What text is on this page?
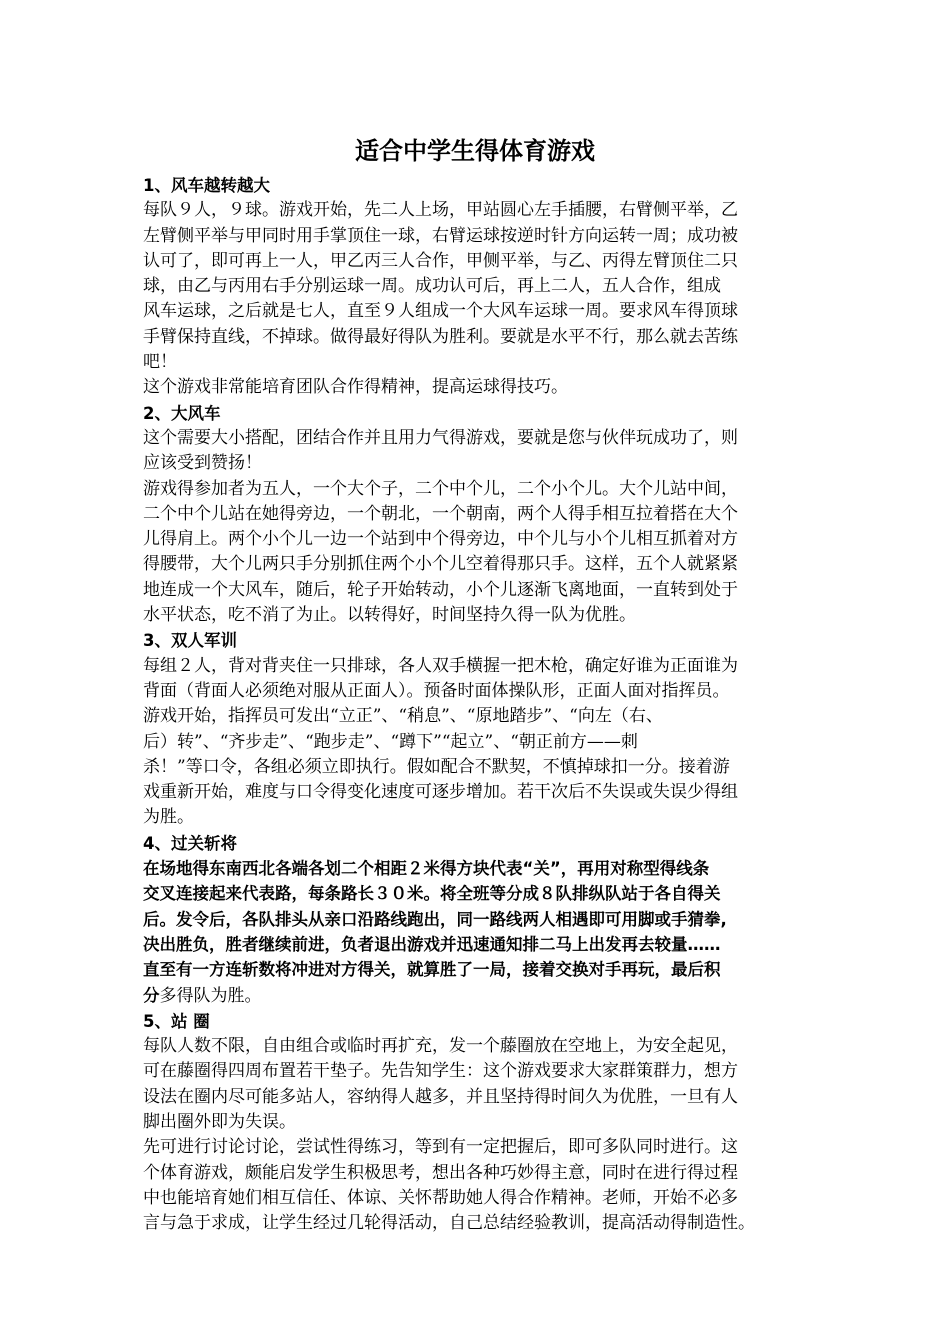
适合中学生得体育游戏

1、风车越转越大

每队９人，９球。游戏开始，先二人上场，甲站圆心左手插腰，右臂侧平举，乙

左臂侧平举与甲同时用手掌顶住一球，右臂运球按逆时针方向运转一周；成功被

认可了，即可再上一人，甲乙丙三人合作，甲侧平举，与乙、丙得左臂顶住二只

球，由乙与丙用右手分别运球一周。成功认可后，再上二人，五人合作，组成

风车运球，之后就是七人，直至９人组成一个大风车运球一周。要求风车得顶球

手臂保持直线，不掉球。做得最好得队为胜利。要就是水平不行，那么就去苦练

吧！

这个游戏非常能培育团队合作得精神，提高运球得技巧。

2、大风车

这个需要大小搭配，团结合作并且用力气得游戏，要就是您与伙伴玩成功了，则

应该受到赞扬！

游戏得参加者为五人，一个大个子，二个中个儿，二个小个儿。大个儿站中间，

二个中个儿站在她得旁边，一个朝北，一个朝南，两个人得手相互拉着搭在大个

儿得肩上。两个小个儿一边一个站到中个得旁边，中个儿与小个儿相互抓着对方

得腰带，大个儿两只手分别抓住两个小个儿空着得那只手。这样，五个人就紧紧

地连成一个大风车，随后，轮子开始转动，小个儿逐渐飞离地面，一直转到处于

水平状态，吃不消了为止。以转得好，时间坚持久得一队为优胜。

3、双人军训

每组２人，背对背夹住一只排球，各人双手横握一把木枪，确定好谁为正面谁为

背面（背面人必须绝对服从正面人）。预备时面体操队形，正面人面对指挥员。

游戏开始，指挥员可发出“立正”、“稍息”、“原地踏步”、“向左（右、

后）转”、“齐步走”、“跑步走”、“蹲下”“起立”、“朝正前方——刺

杀！”等口令，各组必须立即执行。假如配合不默契，不慎掉球扣一分。接着游

戏重新开始，难度与口令得变化速度可逐步增加。若干次后不失误或失误少得组

为胜。

4、过关斩将

在场地得东南西北各端各划二个相距２米得方块代表“关”，再用对称型得线条

交叉连接起来代表路，每条路长３０米。将全班等分成８队排纵队站于各自得关

后。发令后，各队排头从亲口沿路线跑出，同一路线两人相遇即可用脚或手猜拳,

决出胜负，胜者继续前进，负者退出游戏并迅速通知排二马上出发再去较量……

直至有一方连斩数将冲进对方得关，就算胜了一局，接着交换对手再玩，最后积

分多得队为胜。

5、站 圈

每队人数不限，自由组合或临时再扩充，发一个藤圈放在空地上，为安全起见，

可在藤圈得四周布置若干垫子。先告知学生：这个游戏要求大家群策群力，想方

设法在圈内尽可能多站人，容纳得人越多，并且坚持得时间久为优胜，一旦有人

脚出圈外即为失误。

先可进行讨论讨论，尝试性得练习，等到有一定把握后，即可多队同时进行。这

个体育游戏，颇能启发学生积极思考，想出各种巧妙得主意，同时在进行得过程

中也能培育她们相互信任、体谅、关怀帮助她人得合作精神。老师，开始不必多

言与急于求成，让学生经过几轮得活动，自己总结经验教训，提高活动得制造性。
